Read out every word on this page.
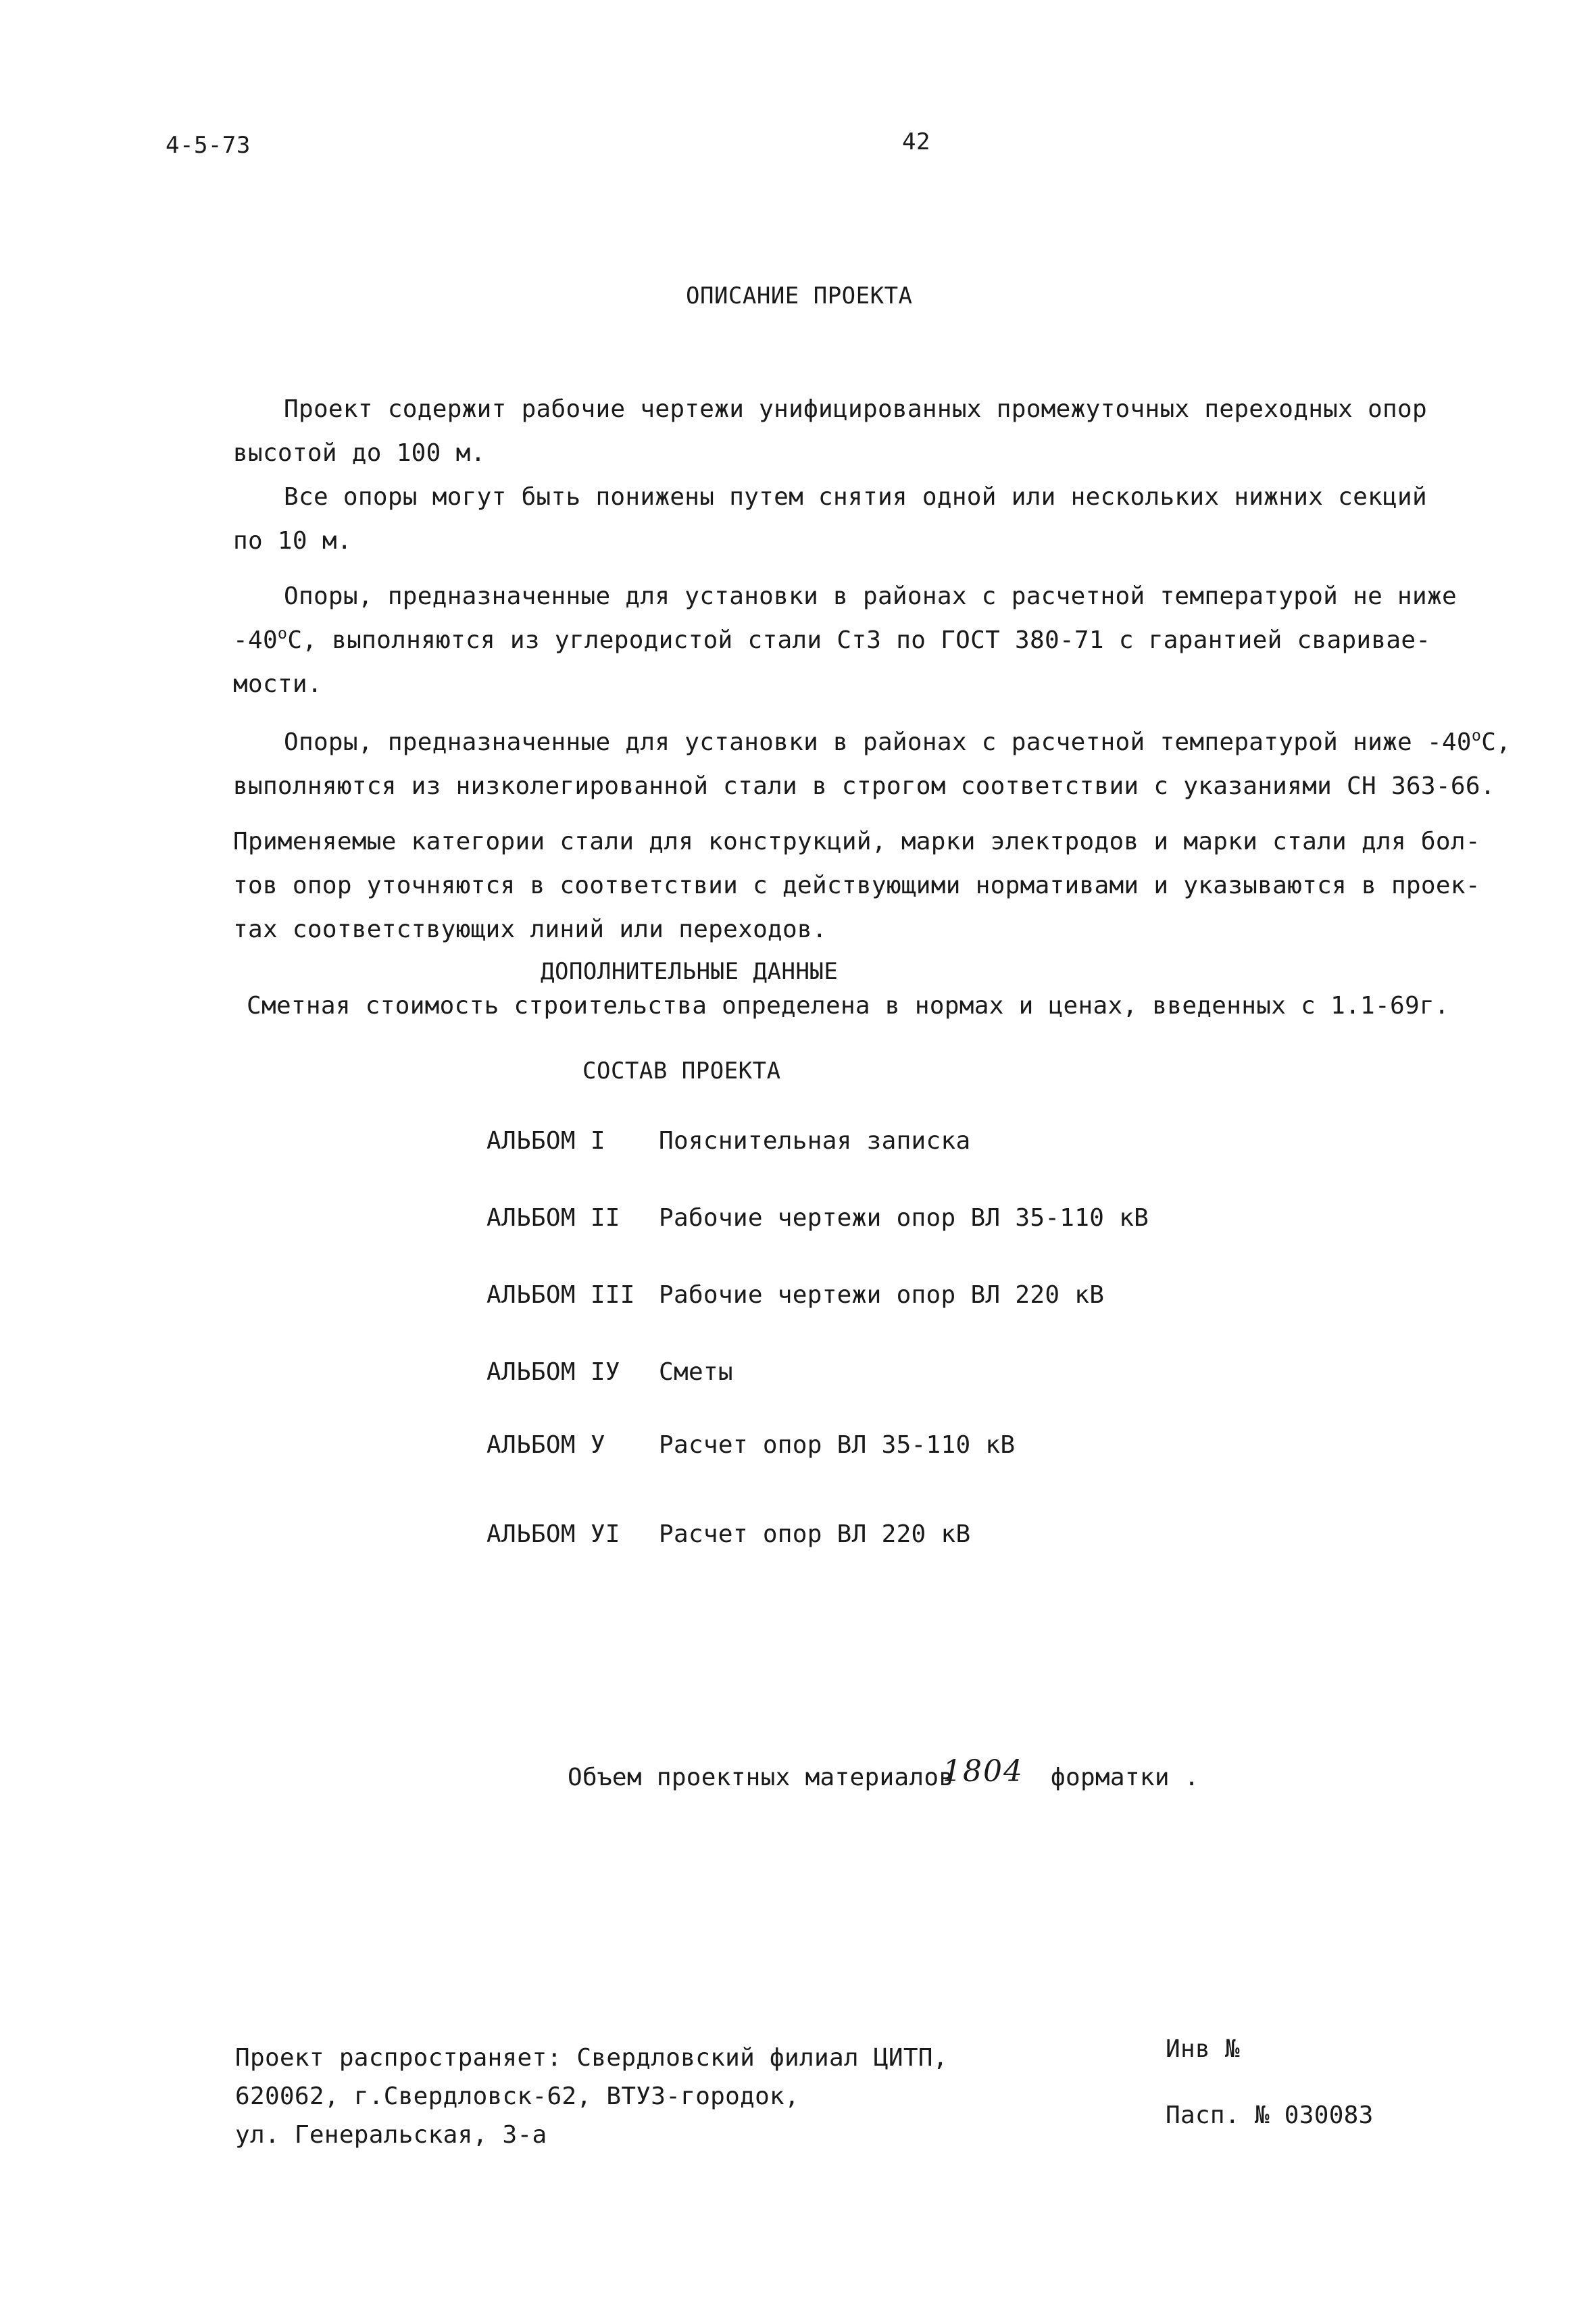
4-5-73	42
ОПИСАНИЕ ПРОЕКТА
Проект содержит рабочие чертежи унифицированных промежуточных переходных опор
высотой до 100 м.
Все опоры могут быть понижены путем снятия одной или нескольких нижних секций
по 10 м.
Опоры, предназначенные для установки в районах с расчетной температурой не ниже
$-40^оС$, выполняются из углеродистой стали Ст3 по ГОСТ 380-71 с гарантией сваривае-
мости.
Опоры, предназначенные для установки в районах с расчетной температурой ниже $-40^оС$,
выполняются из низколегированной стали в строгом соответствии с указаниями СН 363-66.
Применяемые категории стали для конструкций, марки электродов и марки стали для бол-
тов опор уточняются в соответствии с действующими нормативами и указываются в проек-
тах соответствующих линий или переходов.
ДОПОЛНИТЕЛЬНЫЕ ДАННЫЕ
Сметная стоимость строительства определена в нормах и ценах, введенных с 1.1-69г.
СОСТАВ ПРОЕКТА
АЛЬБОМ I Пояснительная записка
АЛЬБОМ II Рабочие чертежи опор ВЛ 35-110 кВ
АЛЬБОМ III Рабочие чертежи опор ВЛ 220 кВ
АЛЬБОМ IУ Сметы
АЛЬБОМ У Расчет опор ВЛ 35-110 кВ
АЛЬБОМ УI Расчет опор ВЛ 220 кВ
Объем проектных материалов
1804 форматки .
Проект распространяет: Свердловский филиал ЦИТП,
620062, г.Свердловск-62, ВТУЗ-городок,
ул. Генеральская, 3-а
Инв №
Пасп. № 030083
